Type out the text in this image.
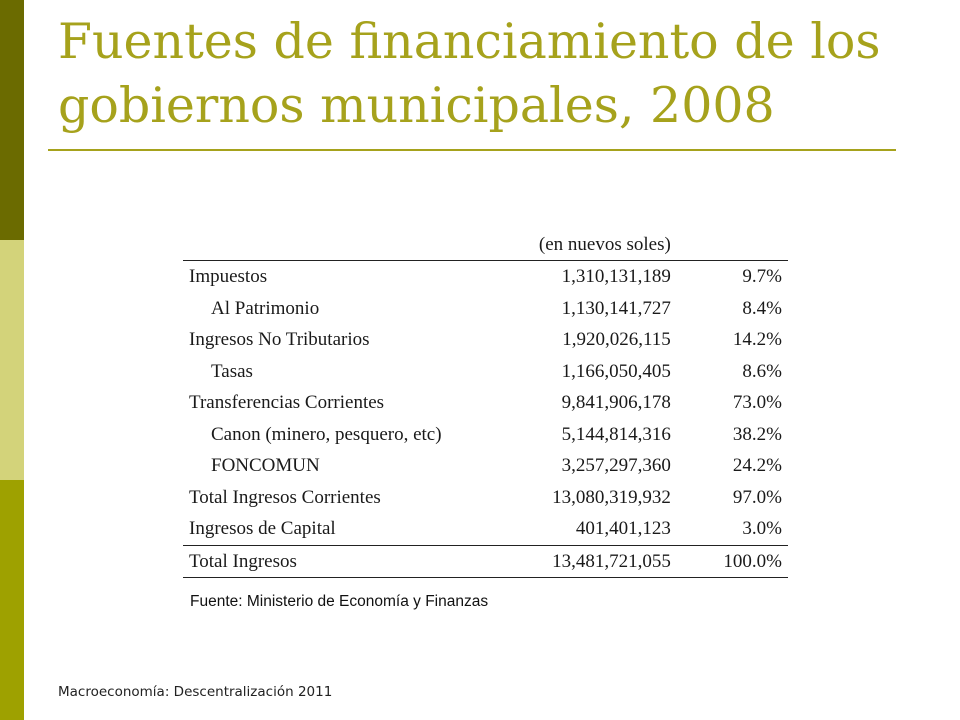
Fuentes de financiamiento de los
gobiernos municipales, 2008
	(en nuevos soles)	
Impuestos	1,310,131,189	9.7%
Al Patrimonio	1,130,141,727	8.4%
Ingresos No Tributarios	1,920,026,115	14.2%
Tasas	1,166,050,405	8.6%
Transferencias Corrientes	9,841,906,178	73.0%
Canon (minero, pesquero, etc)	5,144,814,316	38.2%
FONCOMUN	3,257,297,360	24.2%
Total Ingresos Corrientes	13,080,319,932	97.0%
Ingresos de Capital	401,401,123	3.0%
Total Ingresos	13,481,721,055	100.0%
Fuente: Ministerio de Economía y Finanzas
Macroeconomía: Descentralización 2011
